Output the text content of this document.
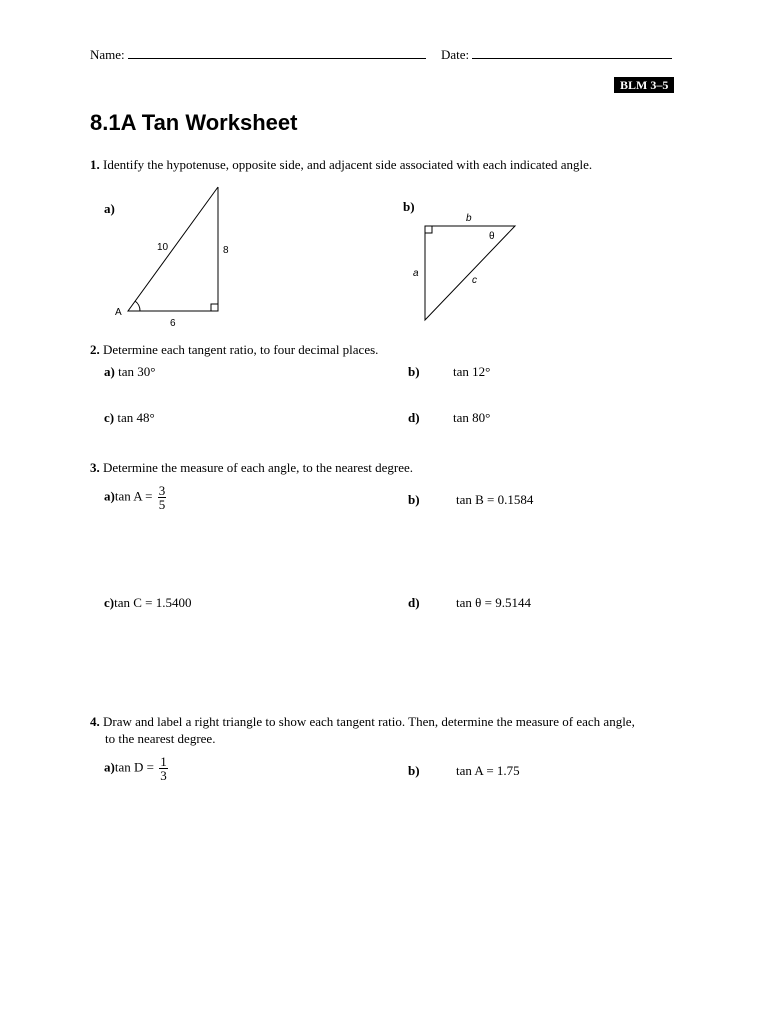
Name:	Date:
BLM 3–5
8.1A Tan Worksheet
1. Identify the hypotenuse, opposite side, and adjacent side associated with each indicated angle.
a)	b)
10	8
6
A
b
a
c
θ
2. Determine each tangent ratio, to four decimal places.
a) tan 30°	b)	tan 12°
c) tan 48°	d)	tan 80°
3. Determine the measure of each angle, to the nearest degree.
a)tan $A = \frac{3}{5}$	b)	tan B = 0.1584
c)tan C = 1.5400	d)	tan θ = 9.5144
4. Draw and label a right triangle to show each tangent ratio. Then, determine the measure of each angle,
to the nearest degree.
a)tan $D = \frac{1}{3}$	b)	tan A = 1.75
